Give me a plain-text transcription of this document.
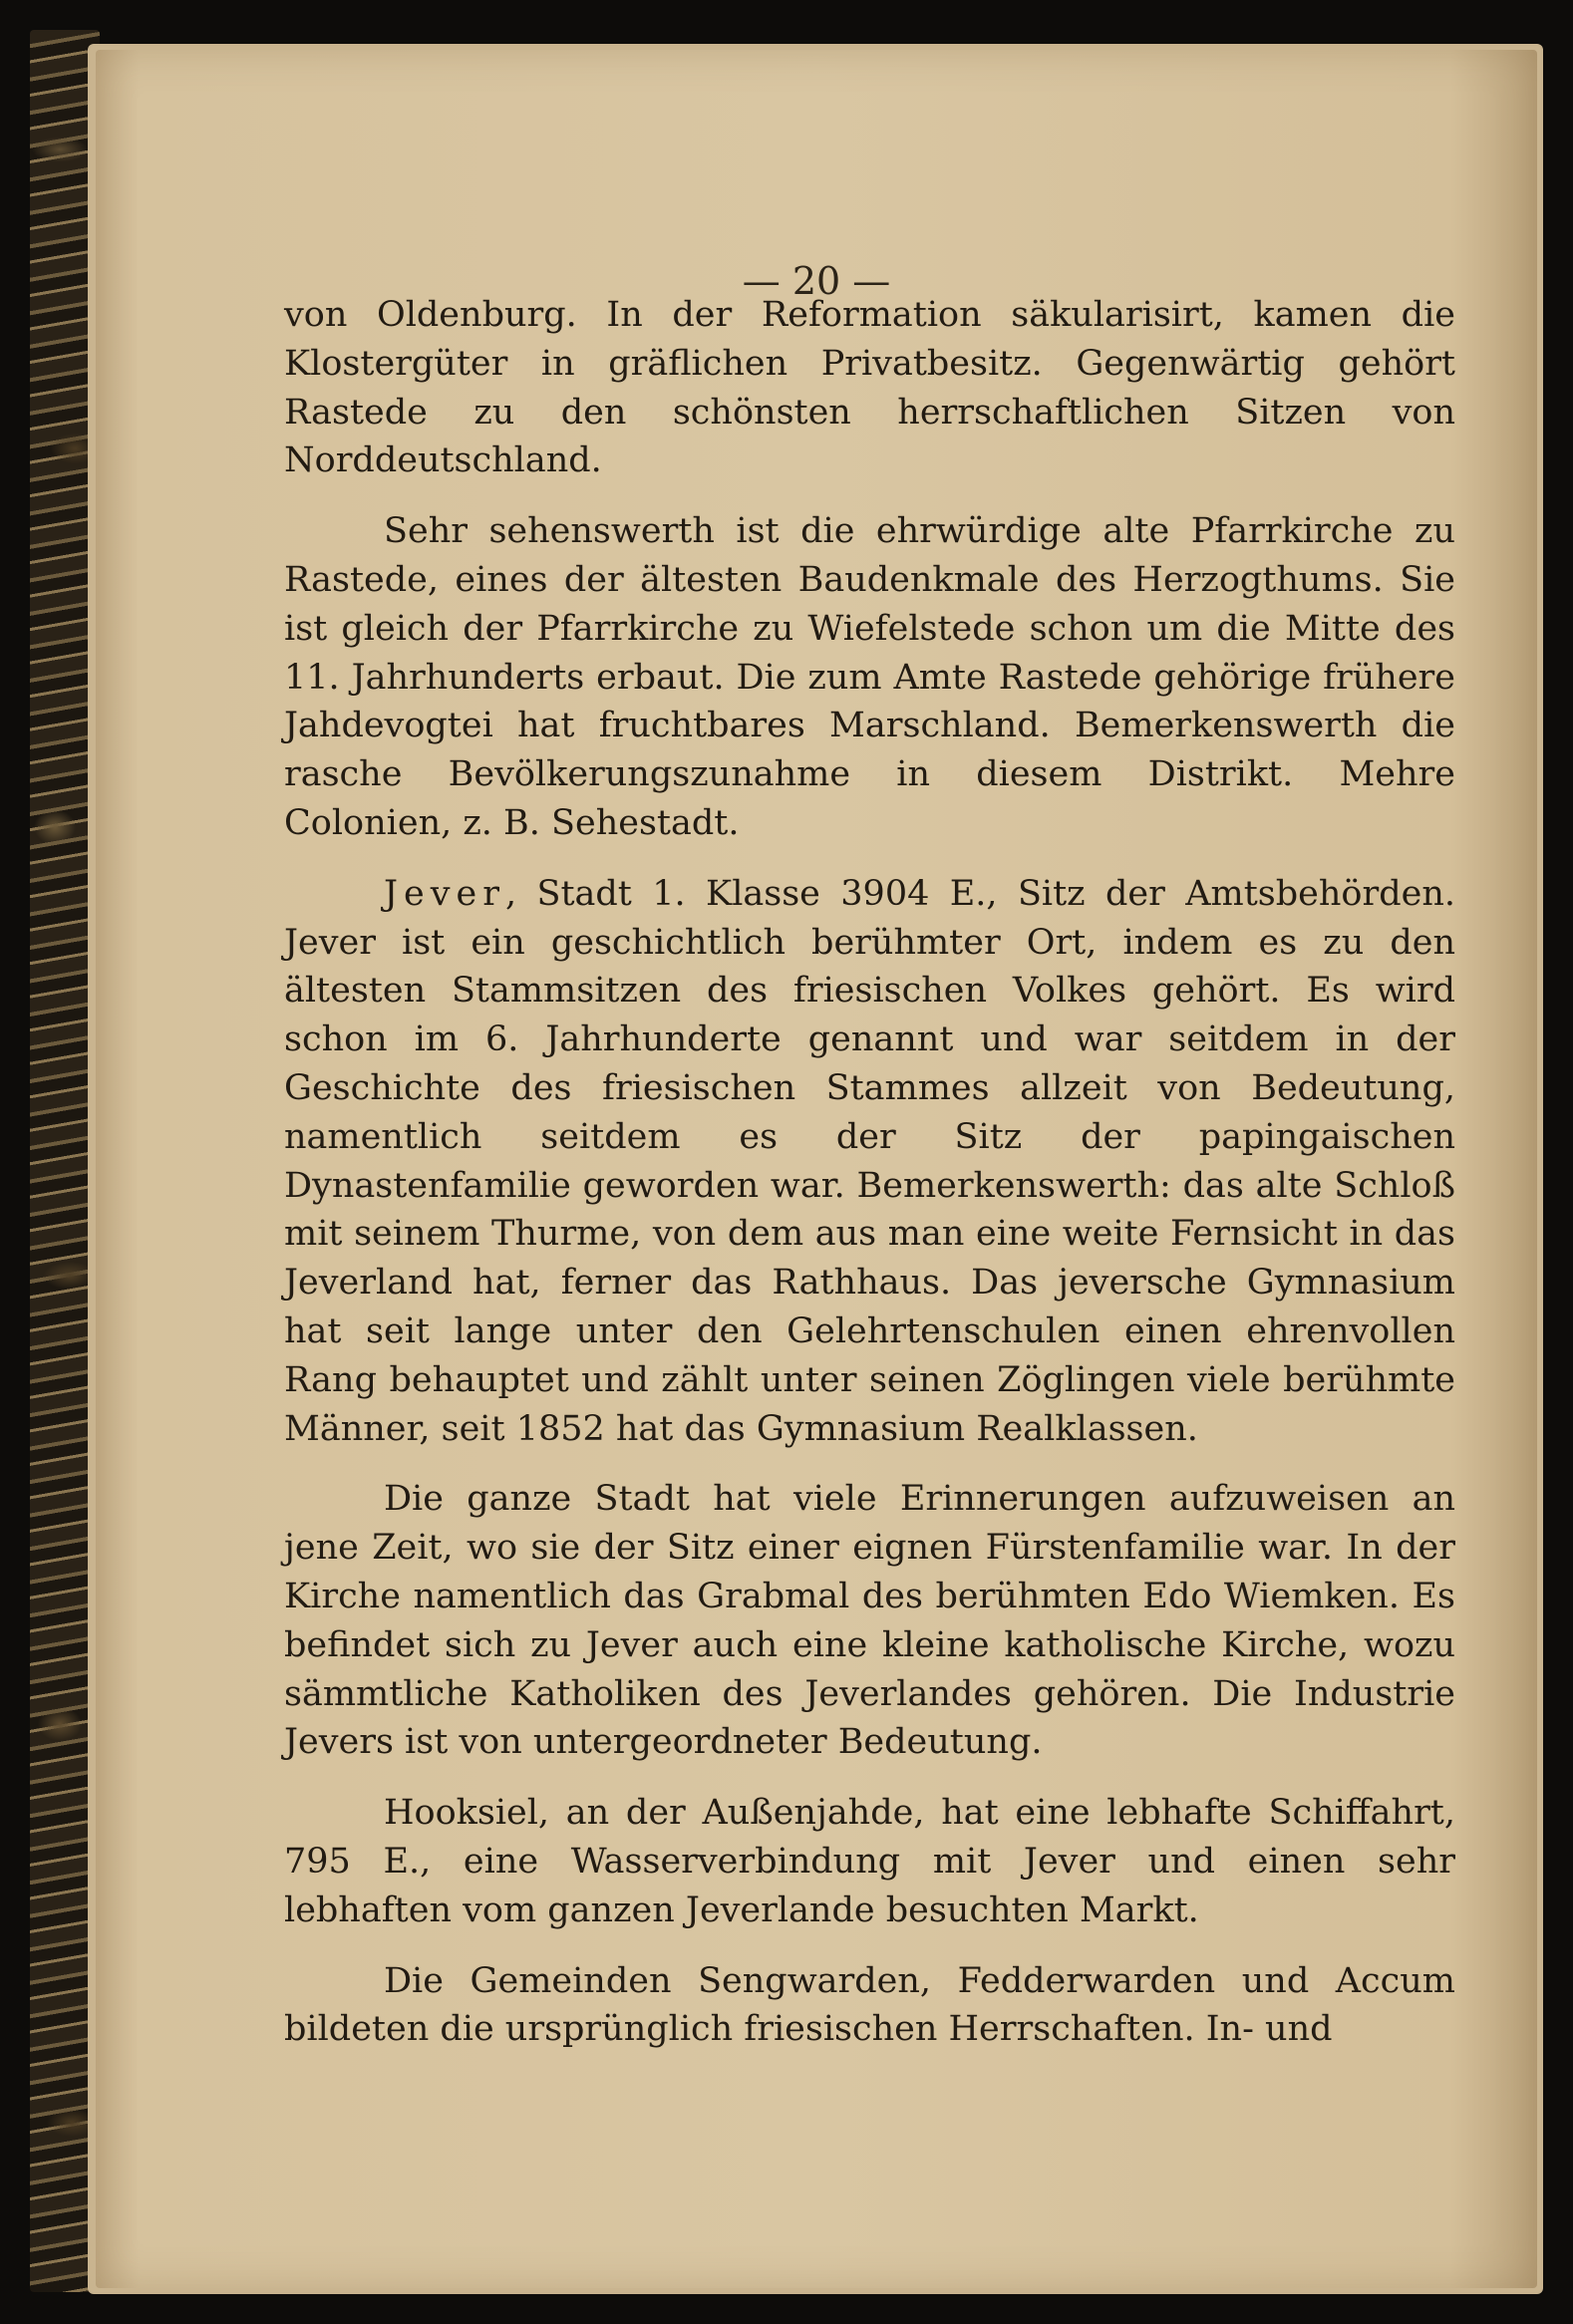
— 20 —

von Oldenburg. In der Reformation säkularisirt, kamen die Klostergüter in gräflichen Privatbesitz. Gegenwärtig gehört Rastede zu den schönsten herrschaftlichen Sitzen von Norddeutschland.

Sehr sehenswerth ist die ehrwürdige alte Pfarrkirche zu Rastede, eines der ältesten Baudenkmale des Herzogthums. Sie ist gleich der Pfarrkirche zu Wiefelstede schon um die Mitte des 11. Jahrhunderts erbaut. Die zum Amte Rastede gehörige frühere Jahdevogtei hat fruchtbares Marschland. Bemerkenswerth die rasche Bevölkerungszunahme in diesem Distrikt. Mehre Colonien, z. B. Sehestadt.

Jever, Stadt 1. Klasse 3904 E., Sitz der Amtsbehörden. Jever ist ein geschichtlich berühmter Ort, indem es zu den ältesten Stammsitzen des friesischen Volkes gehört. Es wird schon im 6. Jahrhunderte genannt und war seitdem in der Geschichte des friesischen Stammes allzeit von Bedeutung, namentlich seitdem es der Sitz der papingaischen Dynastenfamilie geworden war. Bemerkenswerth: das alte Schloß mit seinem Thurme, von dem aus man eine weite Fernsicht in das Jeverland hat, ferner das Rathhaus. Das jeversche Gymnasium hat seit lange unter den Gelehrtenschulen einen ehrenvollen Rang behauptet und zählt unter seinen Zöglingen viele berühmte Männer, seit 1852 hat das Gymnasium Realklassen.

Die ganze Stadt hat viele Erinnerungen aufzuweisen an jene Zeit, wo sie der Sitz einer eignen Fürstenfamilie war. In der Kirche namentlich das Grabmal des berühmten Edo Wiemken. Es befindet sich zu Jever auch eine kleine katholische Kirche, wozu sämmtliche Katholiken des Jeverlandes gehören. Die Industrie Jevers ist von untergeordneter Bedeutung.

Hooksiel, an der Außenjahde, hat eine lebhafte Schiffahrt, 795 E., eine Wasserverbindung mit Jever und einen sehr lebhaften vom ganzen Jeverlande besuchten Markt.

Die Gemeinden Sengwarden, Fedderwarden und Accum bildeten die ursprünglich friesischen Herrschaften. In- und
